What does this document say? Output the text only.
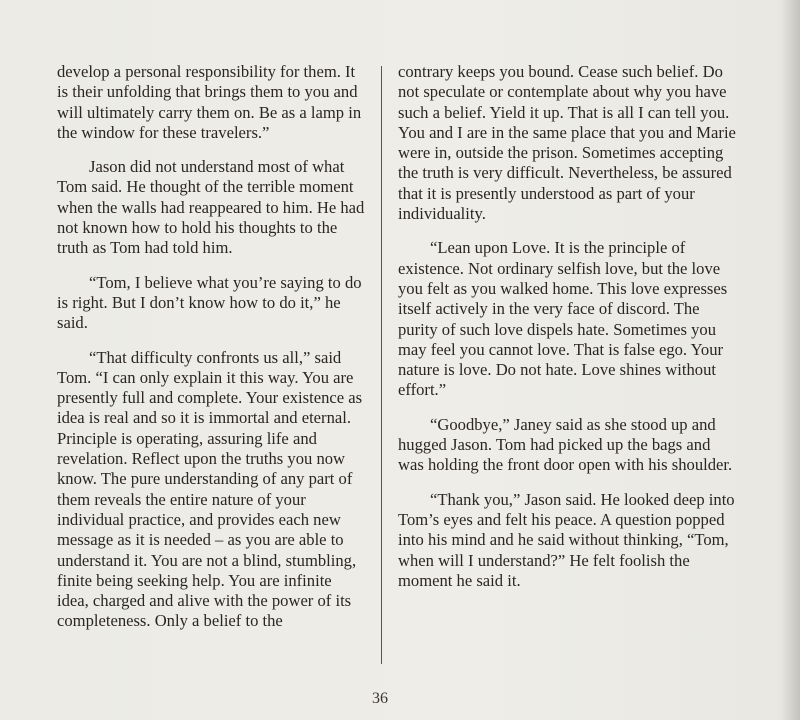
develop a personal responsibility for them. It is their unfolding that brings them to you and will ultimately carry them on. Be as a lamp in the window for these travelers.”

Jason did not understand most of what Tom said. He thought of the terrible moment when the walls had reappeared to him. He had not known how to hold his thoughts to the truth as Tom had told him.

“Tom, I believe what you’re saying to do is right. But I don’t know how to do it,” he said.

“That difficulty confronts us all,” said Tom. “I can only explain it this way. You are presently full and complete. Your existence as idea is real and so it is immortal and eternal. Principle is operating, assuring life and revelation. Reflect upon the truths you now know. The pure understanding of any part of them reveals the entire nature of your individual practice, and provides each new message as it is needed – as you are able to understand it. You are not a blind, stumbling, finite being seeking help. You are infinite idea, charged and alive with the power of its completeness. Only a belief to the

contrary keeps you bound. Cease such belief. Do not speculate or contemplate about why you have such a belief. Yield it up. That is all I can tell you. You and I are in the same place that you and Marie were in, outside the prison. Sometimes accepting the truth is very difficult. Nevertheless, be assured that it is presently understood as part of your individuality.

“Lean upon Love. It is the principle of existence. Not ordinary selfish love, but the love you felt as you walked home. This love expresses itself actively in the very face of discord. The purity of such love dispels hate. Sometimes you may feel you cannot love. That is false ego. Your nature is love. Do not hate. Love shines without effort.”

“Goodbye,” Janey said as she stood up and hugged Jason. Tom had picked up the bags and was holding the front door open with his shoulder.

“Thank you,” Jason said. He looked deep into Tom’s eyes and felt his peace. A question popped into his mind and he said without thinking, “Tom, when will I understand?” He felt foolish the moment he said it.

36
